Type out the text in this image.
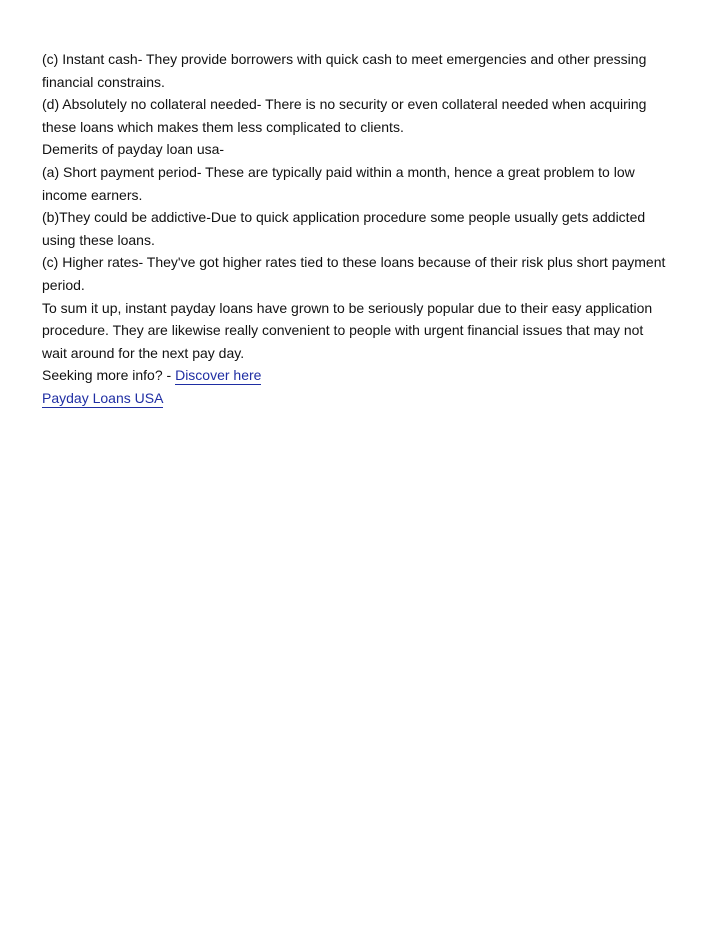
(c) Instant cash- They provide borrowers with quick cash to meet emergencies and other pressing
financial constrains.
(d) Absolutely no collateral needed- There is no security or even collateral needed when acquiring
these loans which makes them less complicated to clients.
Demerits of payday loan usa-
(a) Short payment period- These are typically paid within a month, hence a great problem to low
income earners.
(b)They could be addictive-Due to quick application procedure some people usually gets addicted
using these loans.
(c) Higher rates- They've got higher rates tied to these loans because of their risk plus short payment
period.
To sum it up, instant payday loans have grown to be seriously popular due to their easy application
procedure. They are likewise really convenient to people with urgent financial issues that may not
wait around for the next pay day.
Seeking more info? - Discover here
Payday Loans USA
